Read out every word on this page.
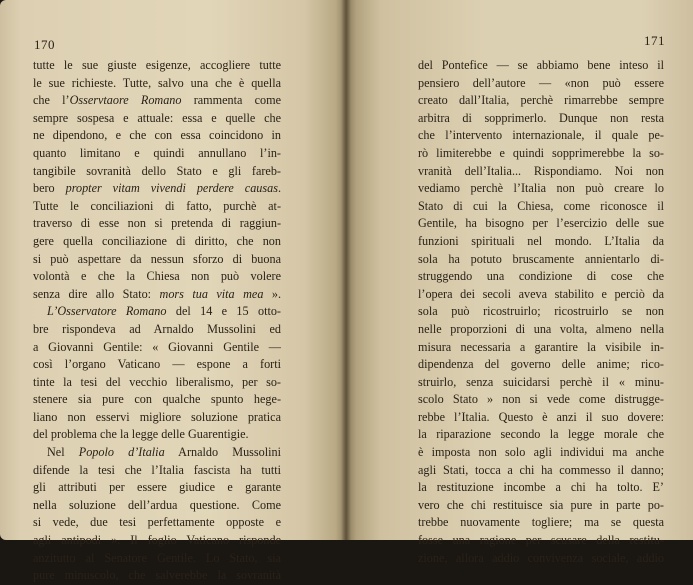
170
tutte le sue giuste esigenze, accogliere tutte
le sue richieste. Tutte, salvo una che è quella
che l’Osservtaore Romano rammenta come
sempre sospesa e attuale: essa e quelle che
ne dipendono, e che con essa coincidono in
quanto limitano e quindi annullano l’in-
tangibile sovranità dello Stato e gli fareb-
bero propter vitam vivendi perdere causas.
Tutte le conciliazioni di fatto, purchè at-
traverso di esse non si pretenda di raggiun-
gere quella conciliazione di diritto, che non
si può aspettare da nessun sforzo di buona
volontà e che la Chiesa non può volere
senza dire allo Stato: mors tua vita mea ».
L’Osservatore Romano del 14 e 15 otto-
bre rispondeva ad Arnaldo Mussolini ed
a Giovanni Gentile: « Giovanni Gentile —
così l’organo Vaticano — espone a forti
tinte la tesi del vecchio liberalismo, per so-
stenere sia pure con qualche spunto hege-
liano non esservi migliore soluzione pratica
del problema che la legge delle Guarentigie.
Nel Popolo d’Italia Arnaldo Mussolini
difende la tesi che l’Italia fascista ha tutti
gli attributi per essere giudice e garante
nella soluzione dell’ardua questione. Come
si vede, due tesi perfettamente opposte e
agli antipodi ». Il foglio Vaticano risponde
anzitutto al Senatore Gentile. Lo Stato, sia
pure minuscolo, che salverebbe la sovranità
171
del Pontefice — se abbiamo bene inteso il
pensiero dell’autore — «non può essere
creato dall’Italia, perchè rimarrebbe sempre
arbitra di sopprimerlo. Dunque non resta
che l’intervento internazionale, il quale pe-
rò limiterebbe e quindi sopprimerebbe la so-
vranità dell’Italia... Rispondiamo. Noi non
vediamo perchè l’Italia non può creare lo
Stato di cui la Chiesa, come riconosce il
Gentile, ha bisogno per l’esercizio delle sue
funzioni spirituali nel mondo. L’Italia da
sola ha potuto bruscamente annientarlo di-
struggendo una condizione di cose che
l’opera dei secoli aveva stabilito e perciò da
sola può ricostruirlo; ricostruirlo se non
nelle proporzioni di una volta, almeno nella
misura necessaria a garantire la visibile in-
dipendenza del governo delle anime; rico-
struirlo, senza suicidarsi perchè il « minu-
scolo Stato » non si vede come distrugge-
rebbe l’Italia. Questo è anzi il suo dovere:
la riparazione secondo la legge morale che
è imposta non solo agli individui ma anche
agli Stati, tocca a chi ha commesso il danno;
la restituzione incombe a chi ha tolto. E’
vero che chi restituisce sia pure in parte po-
trebbe nuovamente togliere; ma se questa
fosse una ragione per scusare della restitu-
zione, allora addio convivenza sociale, addio
